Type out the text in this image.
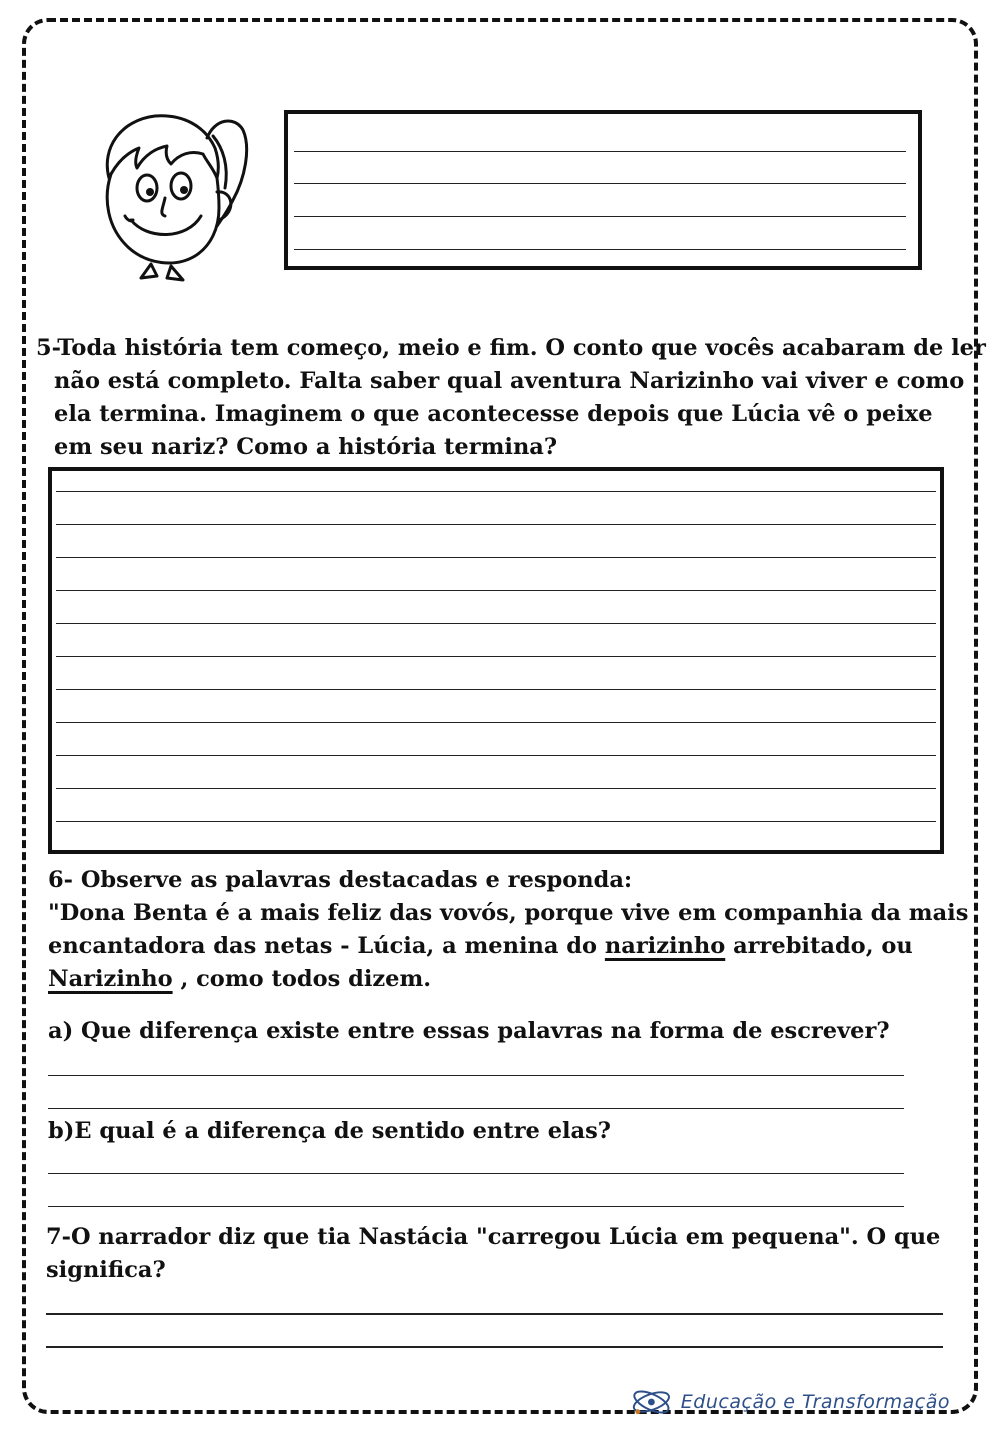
5-Toda história tem começo, meio e fim. O conto que vocês acabaram de ler
não está completo. Falta saber qual aventura Narizinho vai viver e como
ela termina. Imaginem o que acontecesse depois que Lúcia vê o peixe
em seu nariz? Como a história termina?
6- Observe as palavras destacadas e responda:
"Dona Benta é a mais feliz das vovós, porque vive em companhia da mais
encantadora das netas - Lúcia, a menina do narizinho arrebitado, ou
Narizinho , como todos dizem.
a) Que diferença existe entre essas palavras na forma de escrever?
b)E qual é a diferença de sentido entre elas?
7-O narrador diz que tia Nastácia "carregou Lúcia em pequena". O que
significa?
Educação e Transformação
